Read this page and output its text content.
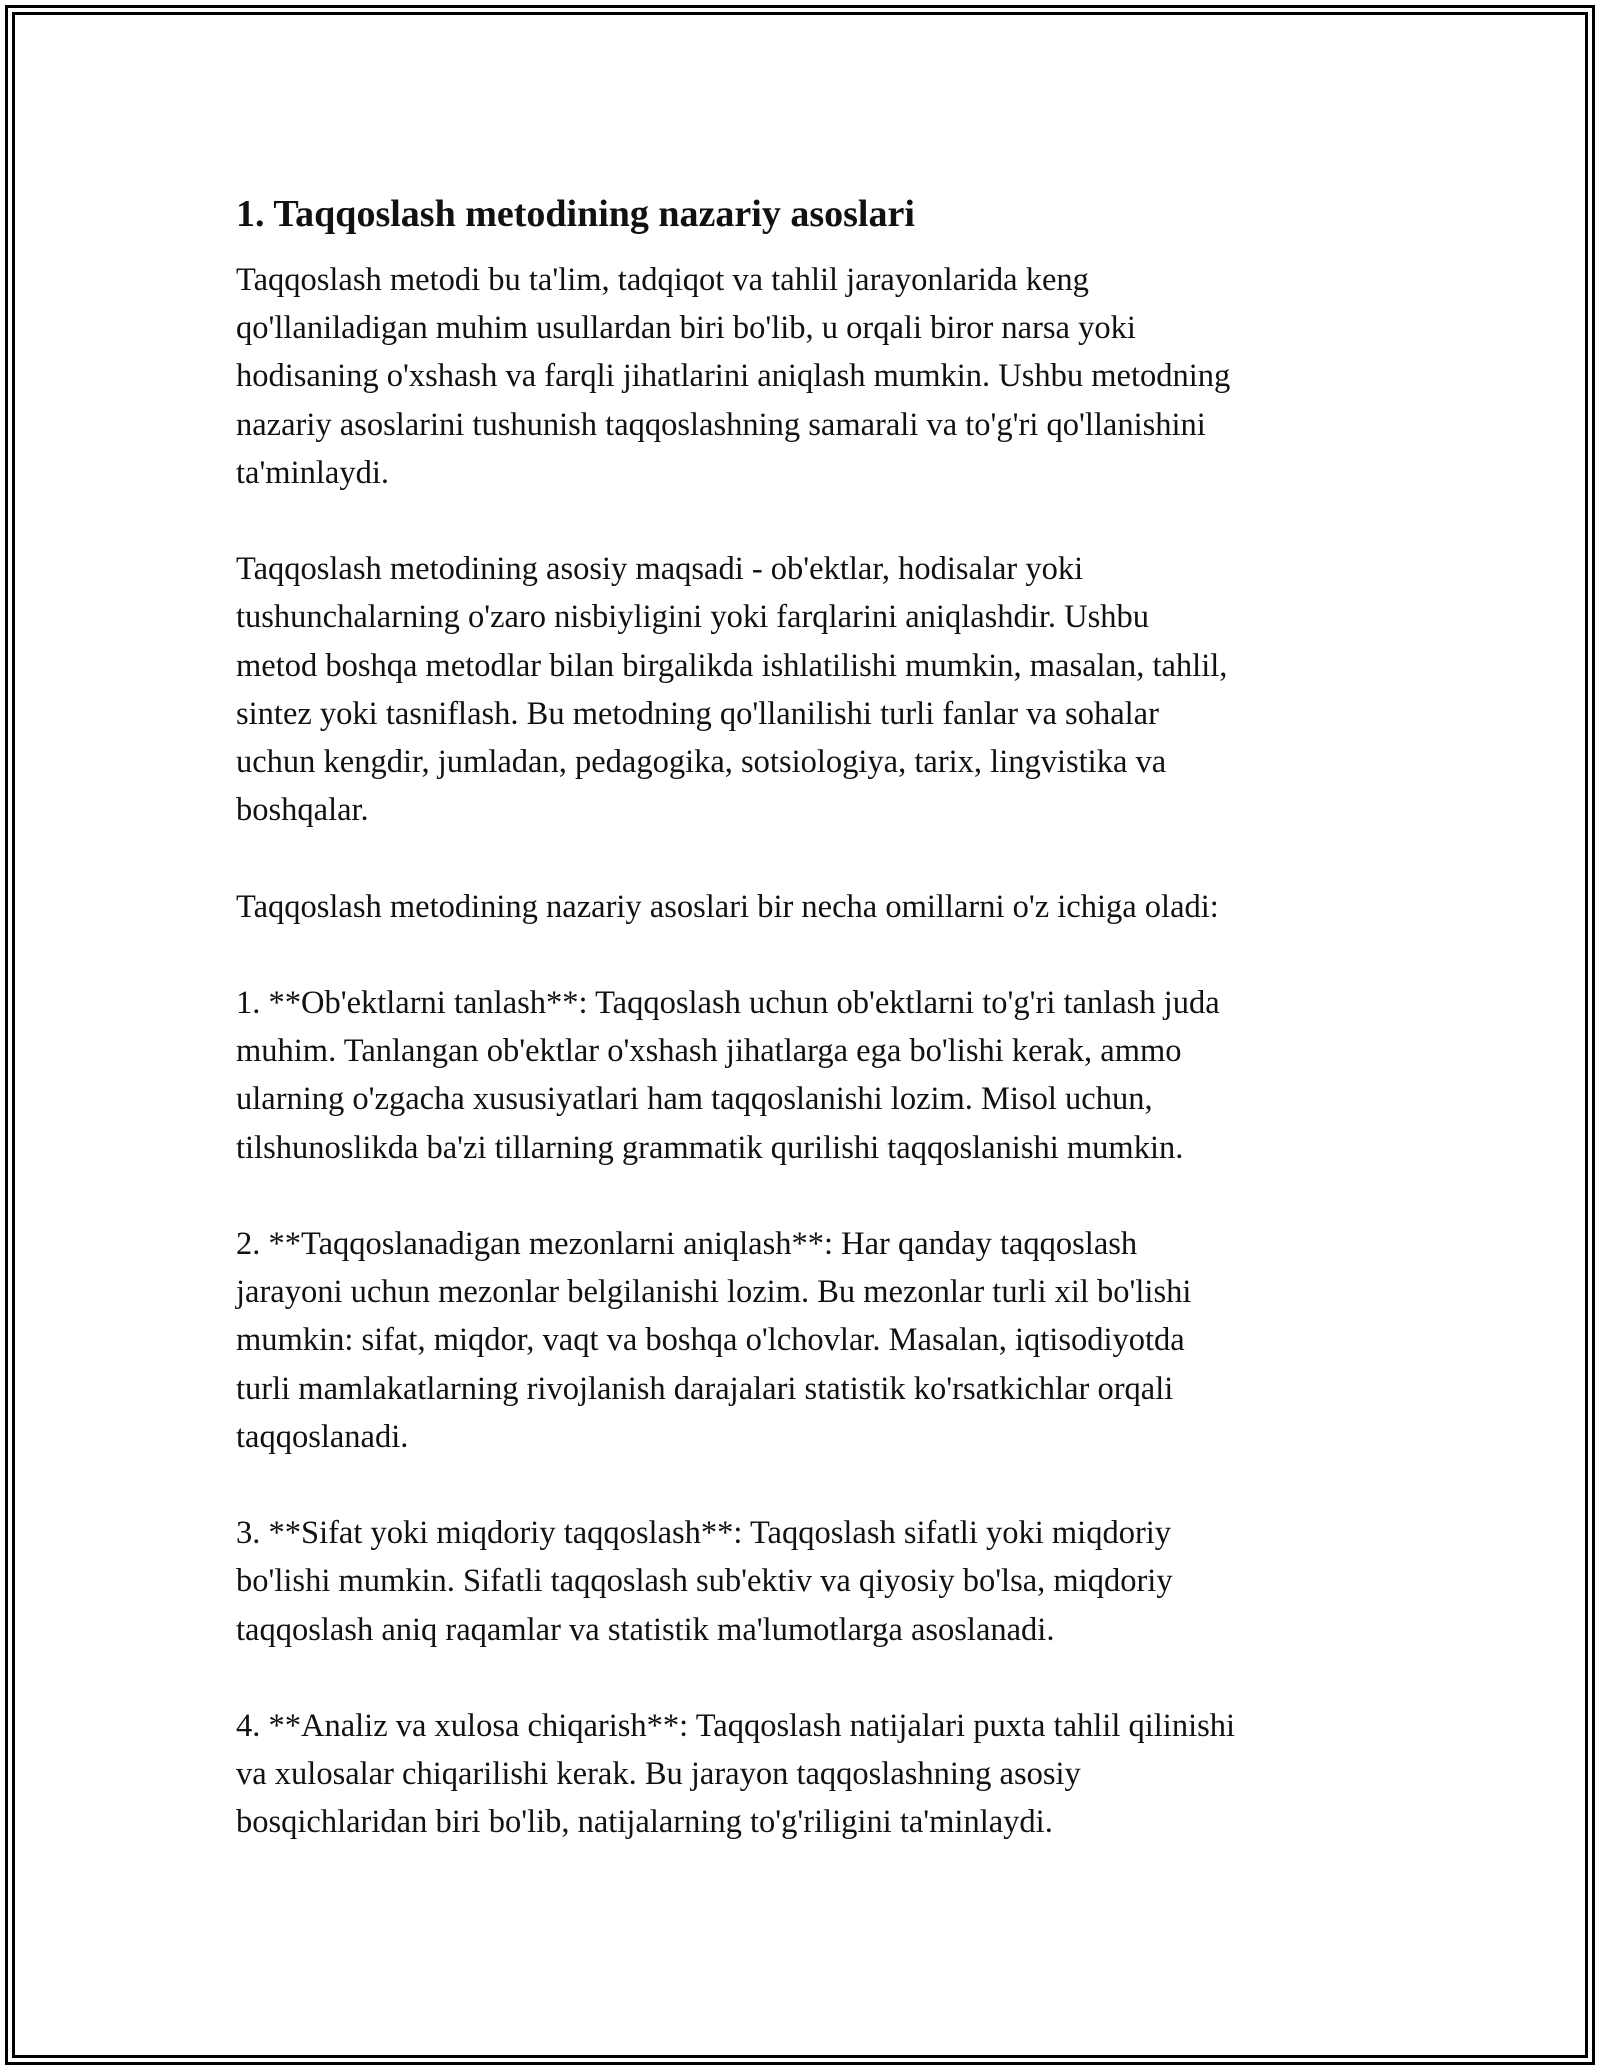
1. Taqqoslash metodining nazariy asoslari
Taqqoslash metodi bu ta'lim, tadqiqot va tahlil jarayonlarida keng
qo'llaniladigan muhim usullardan biri bo'lib, u orqali biror narsa yoki
hodisaning o'xshash va farqli jihatlarini aniqlash mumkin. Ushbu metodning
nazariy asoslarini tushunish taqqoslashning samarali va to'g'ri qo'llanishini
ta'minlaydi.
Taqqoslash metodining asosiy maqsadi - ob'ektlar, hodisalar yoki
tushunchalarning o'zaro nisbiyligini yoki farqlarini aniqlashdir. Ushbu
metod boshqa metodlar bilan birgalikda ishlatilishi mumkin, masalan, tahlil,
sintez yoki tasniflash. Bu metodning qo'llanilishi turli fanlar va sohalar
uchun kengdir, jumladan, pedagogika, sotsiologiya, tarix, lingvistika va
boshqalar.
Taqqoslash metodining nazariy asoslari bir necha omillarni o'z ichiga oladi:
1. **Ob'ektlarni tanlash**: Taqqoslash uchun ob'ektlarni to'g'ri tanlash juda
muhim. Tanlangan ob'ektlar o'xshash jihatlarga ega bo'lishi kerak, ammo
ularning o'zgacha xususiyatlari ham taqqoslanishi lozim. Misol uchun,
tilshunoslikda ba'zi tillarning grammatik qurilishi taqqoslanishi mumkin.
2. **Taqqoslanadigan mezonlarni aniqlash**: Har qanday taqqoslash
jarayoni uchun mezonlar belgilanishi lozim. Bu mezonlar turli xil bo'lishi
mumkin: sifat, miqdor, vaqt va boshqa o'lchovlar. Masalan, iqtisodiyotda
turli mamlakatlarning rivojlanish darajalari statistik ko'rsatkichlar orqali
taqqoslanadi.
3. **Sifat yoki miqdoriy taqqoslash**: Taqqoslash sifatli yoki miqdoriy
bo'lishi mumkin. Sifatli taqqoslash sub'ektiv va qiyosiy bo'lsa, miqdoriy
taqqoslash aniq raqamlar va statistik ma'lumotlarga asoslanadi.
4. **Analiz va xulosa chiqarish**: Taqqoslash natijalari puxta tahlil qilinishi
va xulosalar chiqarilishi kerak. Bu jarayon taqqoslashning asosiy
bosqichlaridan biri bo'lib, natijalarning to'g'riligini ta'minlaydi.
